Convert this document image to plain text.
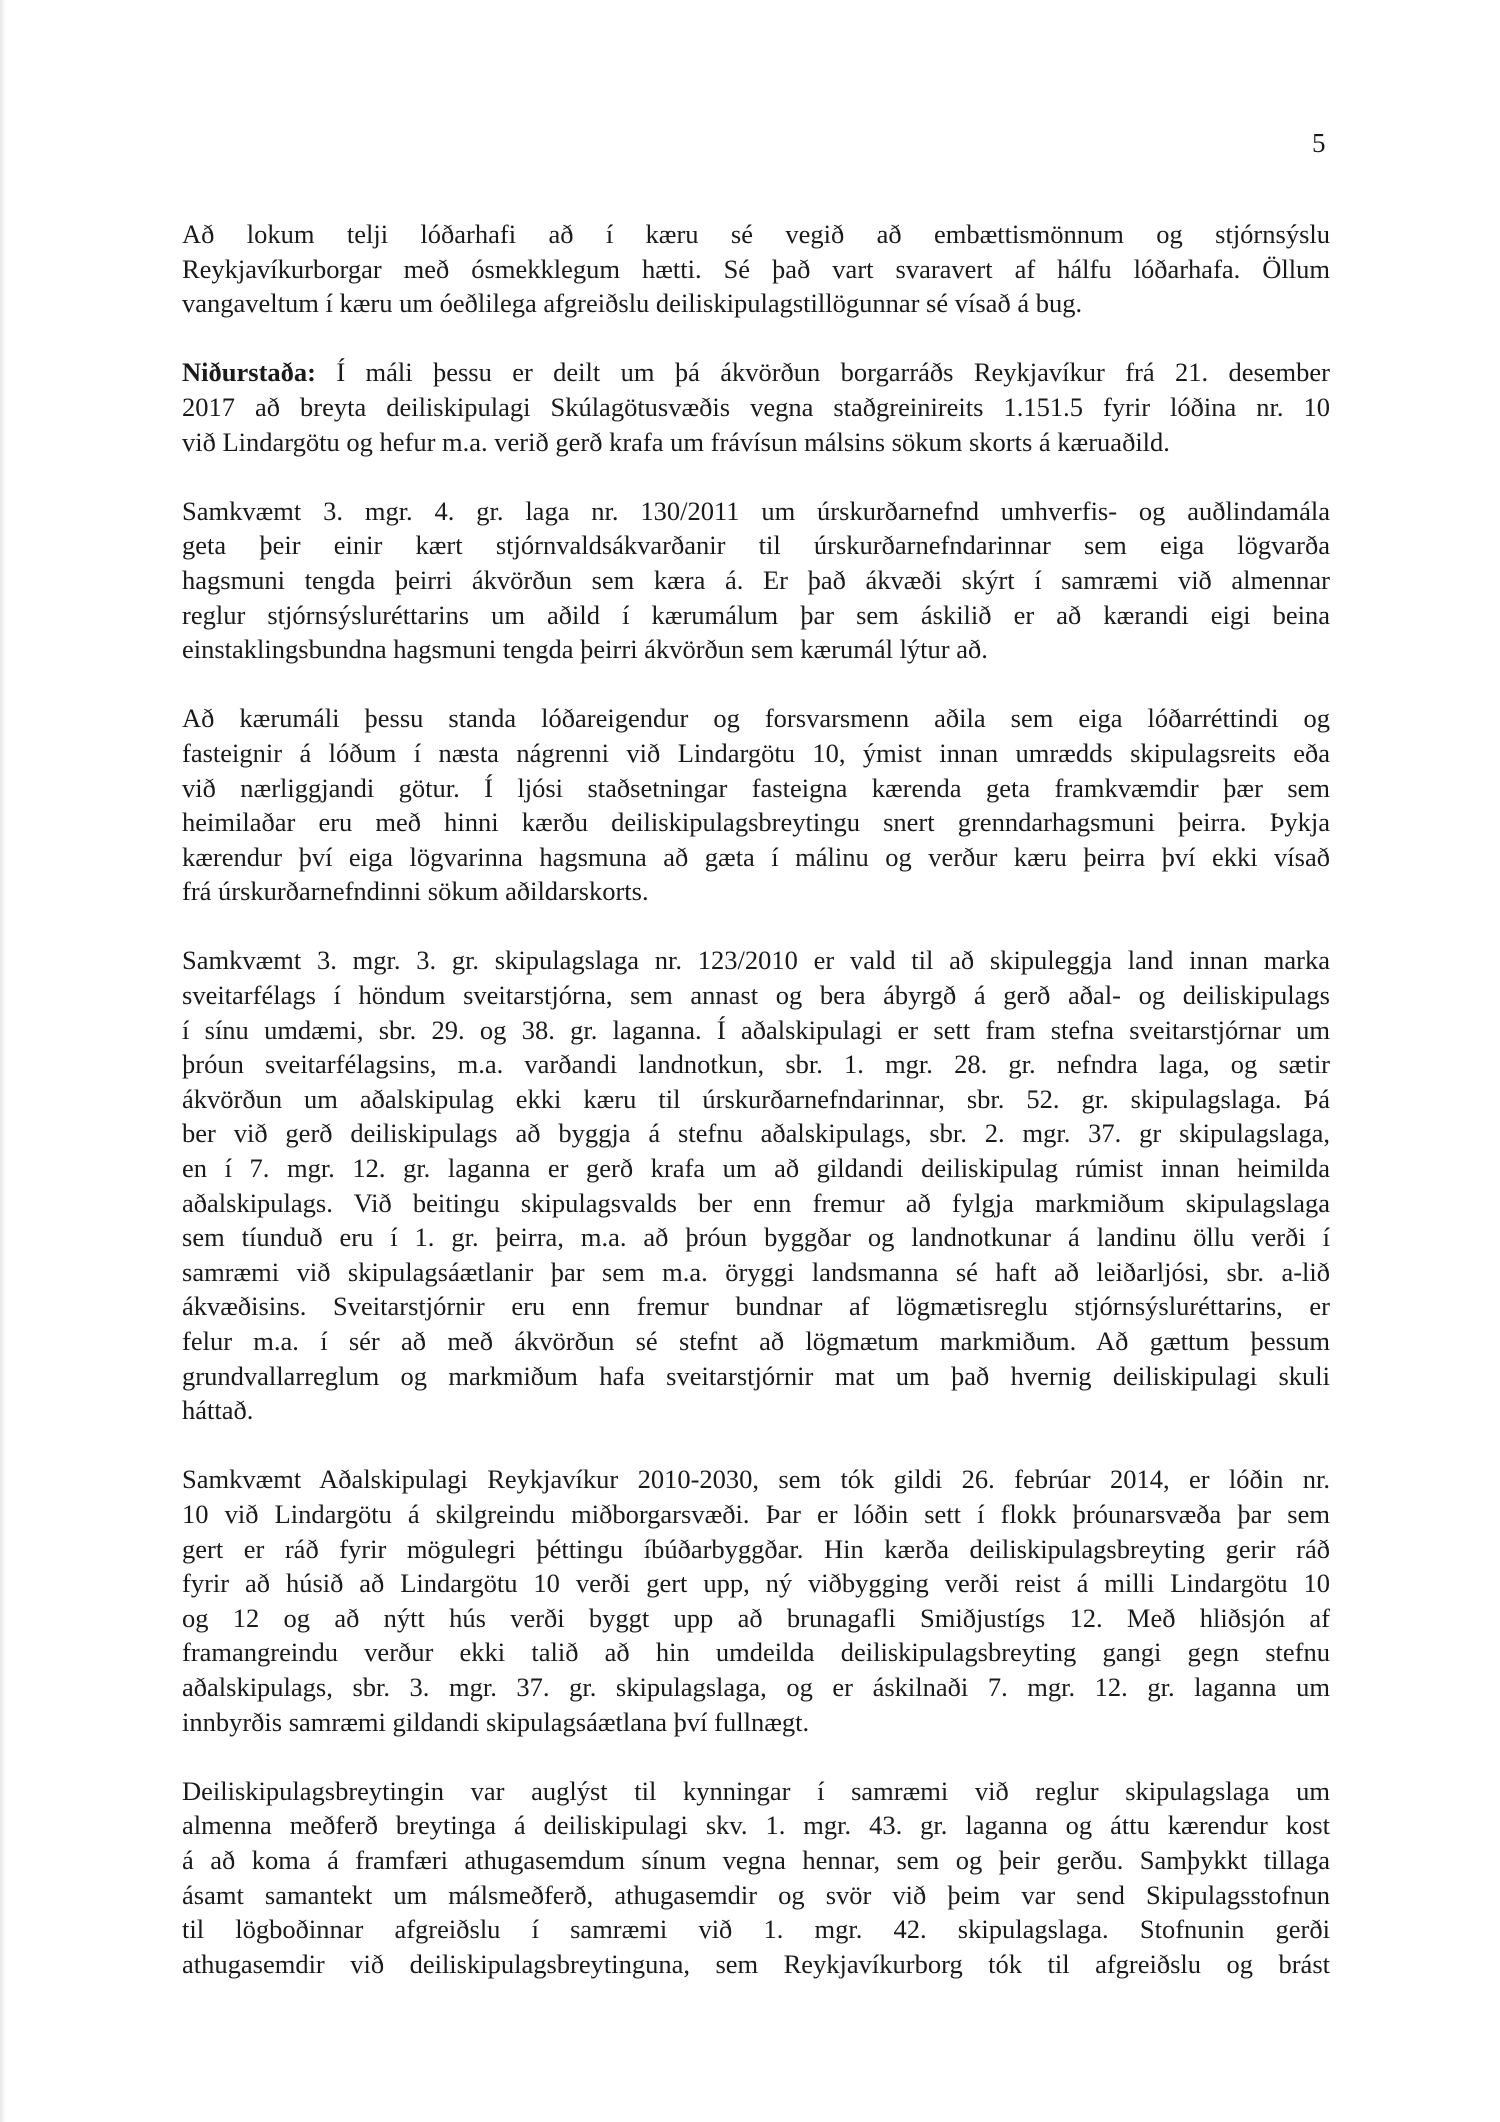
5
Að lokum telji lóðarhafi að í kæru sé vegið að embættismönnum og stjórnsýslu
Reykjavíkurborgar með ósmekklegum hætti. Sé það vart svaravert af hálfu lóðarhafa. Öllum
vangaveltum í kæru um óeðlilega afgreiðslu deiliskipulagstillögunnar sé vísað á bug.
Niðurstaða: Í máli þessu er deilt um þá ákvörðun borgarráðs Reykjavíkur frá 21. desember
2017 að breyta deiliskipulagi Skúlagötusvæðis vegna staðgreinireits 1.151.5 fyrir lóðina nr. 10
við Lindargötu og hefur m.a. verið gerð krafa um frávísun málsins sökum skorts á kæruaðild.
Samkvæmt 3. mgr. 4. gr. laga nr. 130/2011 um úrskurðarnefnd umhverfis- og auðlindamála
geta þeir einir kært stjórnvaldsákvarðanir til úrskurðarnefndarinnar sem eiga lögvarða
hagsmuni tengda þeirri ákvörðun sem kæra á. Er það ákvæði skýrt í samræmi við almennar
reglur stjórnsýsluréttarins um aðild í kærumálum þar sem áskilið er að kærandi eigi beina
einstaklingsbundna hagsmuni tengda þeirri ákvörðun sem kærumál lýtur að.
Að kærumáli þessu standa lóðareigendur og forsvarsmenn aðila sem eiga lóðarréttindi og
fasteignir á lóðum í næsta nágrenni við Lindargötu 10, ýmist innan umrædds skipulagsreits eða
við nærliggjandi götur. Í ljósi staðsetningar fasteigna kærenda geta framkvæmdir þær sem
heimilaðar eru með hinni kærðu deiliskipulagsbreytingu snert grenndarhagsmuni þeirra. Þykja
kærendur því eiga lögvarinna hagsmuna að gæta í málinu og verður kæru þeirra því ekki vísað
frá úrskurðarnefndinni sökum aðildarskorts.
Samkvæmt 3. mgr. 3. gr. skipulagslaga nr. 123/2010 er vald til að skipuleggja land innan marka
sveitarfélags í höndum sveitarstjórna, sem annast og bera ábyrgð á gerð aðal- og deiliskipulags
í sínu umdæmi, sbr. 29. og 38. gr. laganna. Í aðalskipulagi er sett fram stefna sveitarstjórnar um
þróun sveitarfélagsins, m.a. varðandi landnotkun, sbr. 1. mgr. 28. gr. nefndra laga, og sætir
ákvörðun um aðalskipulag ekki kæru til úrskurðarnefndarinnar, sbr. 52. gr. skipulagslaga. Þá
ber við gerð deiliskipulags að byggja á stefnu aðalskipulags, sbr. 2. mgr. 37. gr skipulagslaga,
en í 7. mgr. 12. gr. laganna er gerð krafa um að gildandi deiliskipulag rúmist innan heimilda
aðalskipulags. Við beitingu skipulagsvalds ber enn fremur að fylgja markmiðum skipulagslaga
sem tíunduð eru í 1. gr. þeirra, m.a. að þróun byggðar og landnotkunar á landinu öllu verði í
samræmi við skipulagsáætlanir þar sem m.a. öryggi landsmanna sé haft að leiðarljósi, sbr. a-lið
ákvæðisins. Sveitarstjórnir eru enn fremur bundnar af lögmætisreglu stjórnsýsluréttarins, er
felur m.a. í sér að með ákvörðun sé stefnt að lögmætum markmiðum. Að gættum þessum
grundvallarreglum og markmiðum hafa sveitarstjórnir mat um það hvernig deiliskipulagi skuli
háttað.
Samkvæmt Aðalskipulagi Reykjavíkur 2010-2030, sem tók gildi 26. febrúar 2014, er lóðin nr.
10 við Lindargötu á skilgreindu miðborgarsvæði. Þar er lóðin sett í flokk þróunarsvæða þar sem
gert er ráð fyrir mögulegri þéttingu íbúðarbyggðar. Hin kærða deiliskipulagsbreyting gerir ráð
fyrir að húsið að Lindargötu 10 verði gert upp, ný viðbygging verði reist á milli Lindargötu 10
og 12 og að nýtt hús verði byggt upp að brunagafli Smiðjustígs 12. Með hliðsjón af
framangreindu verður ekki talið að hin umdeilda deiliskipulagsbreyting gangi gegn stefnu
aðalskipulags, sbr. 3. mgr. 37. gr. skipulagslaga, og er áskilnaði 7. mgr. 12. gr. laganna um
innbyrðis samræmi gildandi skipulagsáætlana því fullnægt.
Deiliskipulagsbreytingin var auglýst til kynningar í samræmi við reglur skipulagslaga um
almenna meðferð breytinga á deiliskipulagi skv. 1. mgr. 43. gr. laganna og áttu kærendur kost
á að koma á framfæri athugasemdum sínum vegna hennar, sem og þeir gerðu. Samþykkt tillaga
ásamt samantekt um málsmeðferð, athugasemdir og svör við þeim var send Skipulagsstofnun
til lögboðinnar afgreiðslu í samræmi við 1. mgr. 42. skipulagslaga. Stofnunin gerði
athugasemdir við deiliskipulagsbreytinguna, sem Reykjavíkurborg tók til afgreiðslu og brást
